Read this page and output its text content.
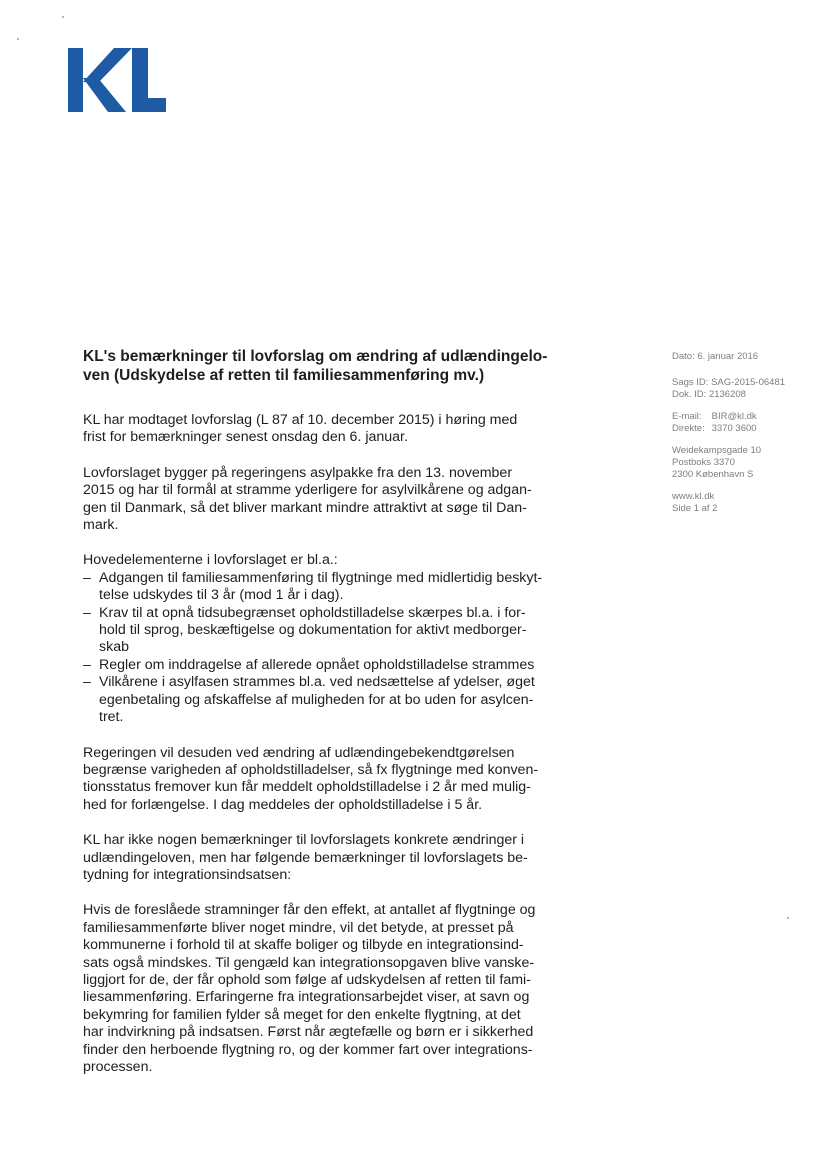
KL's bemærkninger til lovforslag om ændring af udlændingelo-
ven (Udskydelse af retten til familiesammenføring mv.)
Dato: 6. januar 2016
Sags ID: SAG-2015-06481
Dok. ID: 2136208
E-mail: BIR@kl.dk
Direkte: 3370 3600
Weidekampsgade 10
Postboks 3370
2300 København S
www.kl.dk
Side 1 af 2

KL har modtaget lovforslag (L 87 af 10. december 2015) i høring med
frist for bemærkninger senest onsdag den 6. januar.

Lovforslaget bygger på regeringens asylpakke fra den 13. november
2015 og har til formål at stramme yderligere for asylvilkårene og adgan-
gen til Danmark, så det bliver markant mindre attraktivt at søge til Dan-
mark.

Hovedelementerne i lovforslaget er bl.a.:
– Adgangen til familiesammenføring til flygtninge med midlertidig beskyt-
telse udskydes til 3 år (mod 1 år i dag).
– Krav til at opnå tidsubegrænset opholdstilladelse skærpes bl.a. i for-
hold til sprog, beskæftigelse og dokumentation for aktivt medborger-
skab
– Regler om inddragelse af allerede opnået opholdstilladelse strammes
– Vilkårene i asylfasen strammes bl.a. ved nedsættelse af ydelser, øget
egenbetaling og afskaffelse af muligheden for at bo uden for asylcen-
tret.

Regeringen vil desuden ved ændring af udlændingebekendtgørelsen
begrænse varigheden af opholdstilladelser, så fx flygtninge med konven-
tionsstatus fremover kun får meddelt opholdstilladelse i 2 år med mulig-
hed for forlængelse. I dag meddeles der opholdstilladelse i 5 år.

KL har ikke nogen bemærkninger til lovforslagets konkrete ændringer i
udlændingeloven, men har følgende bemærkninger til lovforslagets be-
tydning for integrationsindsatsen:

Hvis de foreslåede stramninger får den effekt, at antallet af flygtninge og
familiesammenførte bliver noget mindre, vil det betyde, at presset på
kommunerne i forhold til at skaffe boliger og tilbyde en integrationsind-
sats også mindskes. Til gengæld kan integrationsopgaven blive vanske-
liggjort for de, der får ophold som følge af udskydelsen af retten til fami-
liesammenføring. Erfaringerne fra integrationsarbejdet viser, at savn og
bekymring for familien fylder så meget for den enkelte flygtning, at det
har indvirkning på indsatsen. Først når ægtefælle og børn er i sikkerhed
finder den herboende flygtning ro, og der kommer fart over integrations-
processen.
